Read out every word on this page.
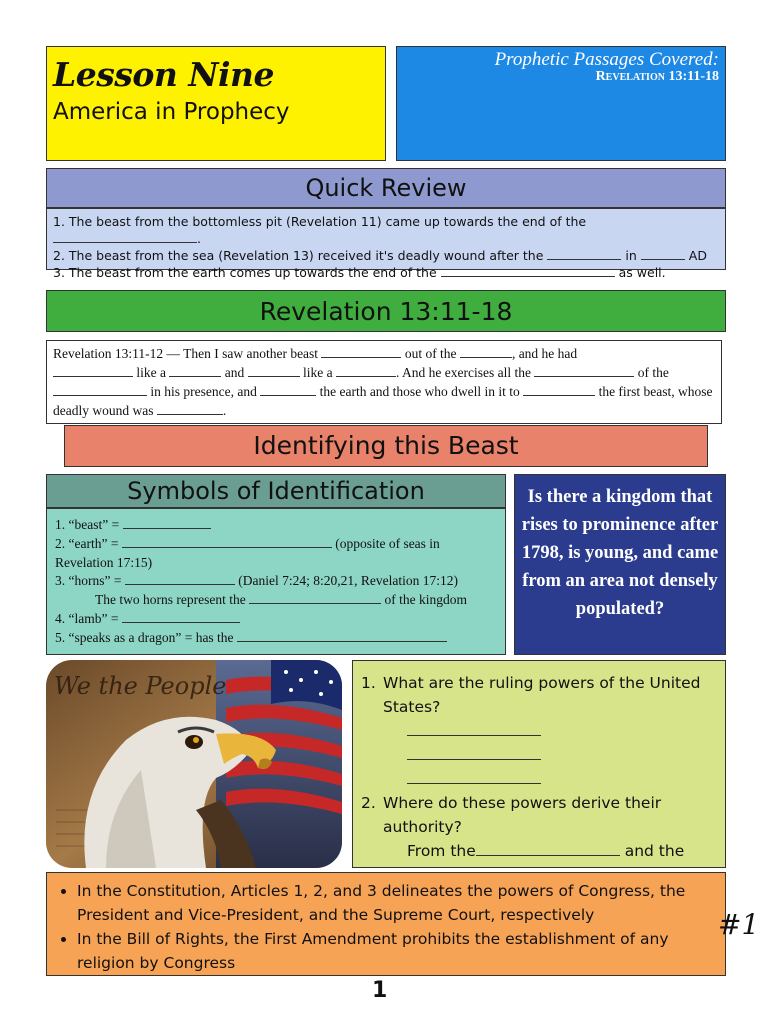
Lesson Nine
America in Prophecy
Prophetic Passages Covered:
Revelation 13:11-18
Quick Review
1. The beast from the bottomless pit (Revelation 11) came up towards the end of the .
2. The beast from the sea (Revelation 13) received it's deadly wound after the	in	AD
3. The beast from the earth comes up towards the end of the	as well.
Revelation 13:11-18
Revelation 13:11-12 — Then I saw another beast	out of the	, and he had
like a	and	like a	. And he exercises all the	of the
in his presence, and	the earth and those who dwell in it to	the first beast, whose deadly wound was	.
Identifying this Beast
Symbols of Identification
1. “beast” =
2. “earth” =	(opposite of seas in Revelation 17:15)
3. “horns” =	(Daniel 7:24; 8:20,21, Revelation 17:12)
The two horns represent the	of the kingdom
4. “lamb” =
5. “speaks as a dragon” = has the
Is there a kingdom that rises to prominence after 1798, is young, and came from an area not densely populated?
We the People	1. What are the ruling powers of the United States?
2. Where do these powers derive their authority?
From the	and the
• In the Constitution, Articles 1, 2, and 3 delineates the powers of Congress, the President and Vice-President, and the Supreme Court, respectively
• In the Bill of Rights, the First Amendment prohibits the establishment of any religion by Congress
#1
1
